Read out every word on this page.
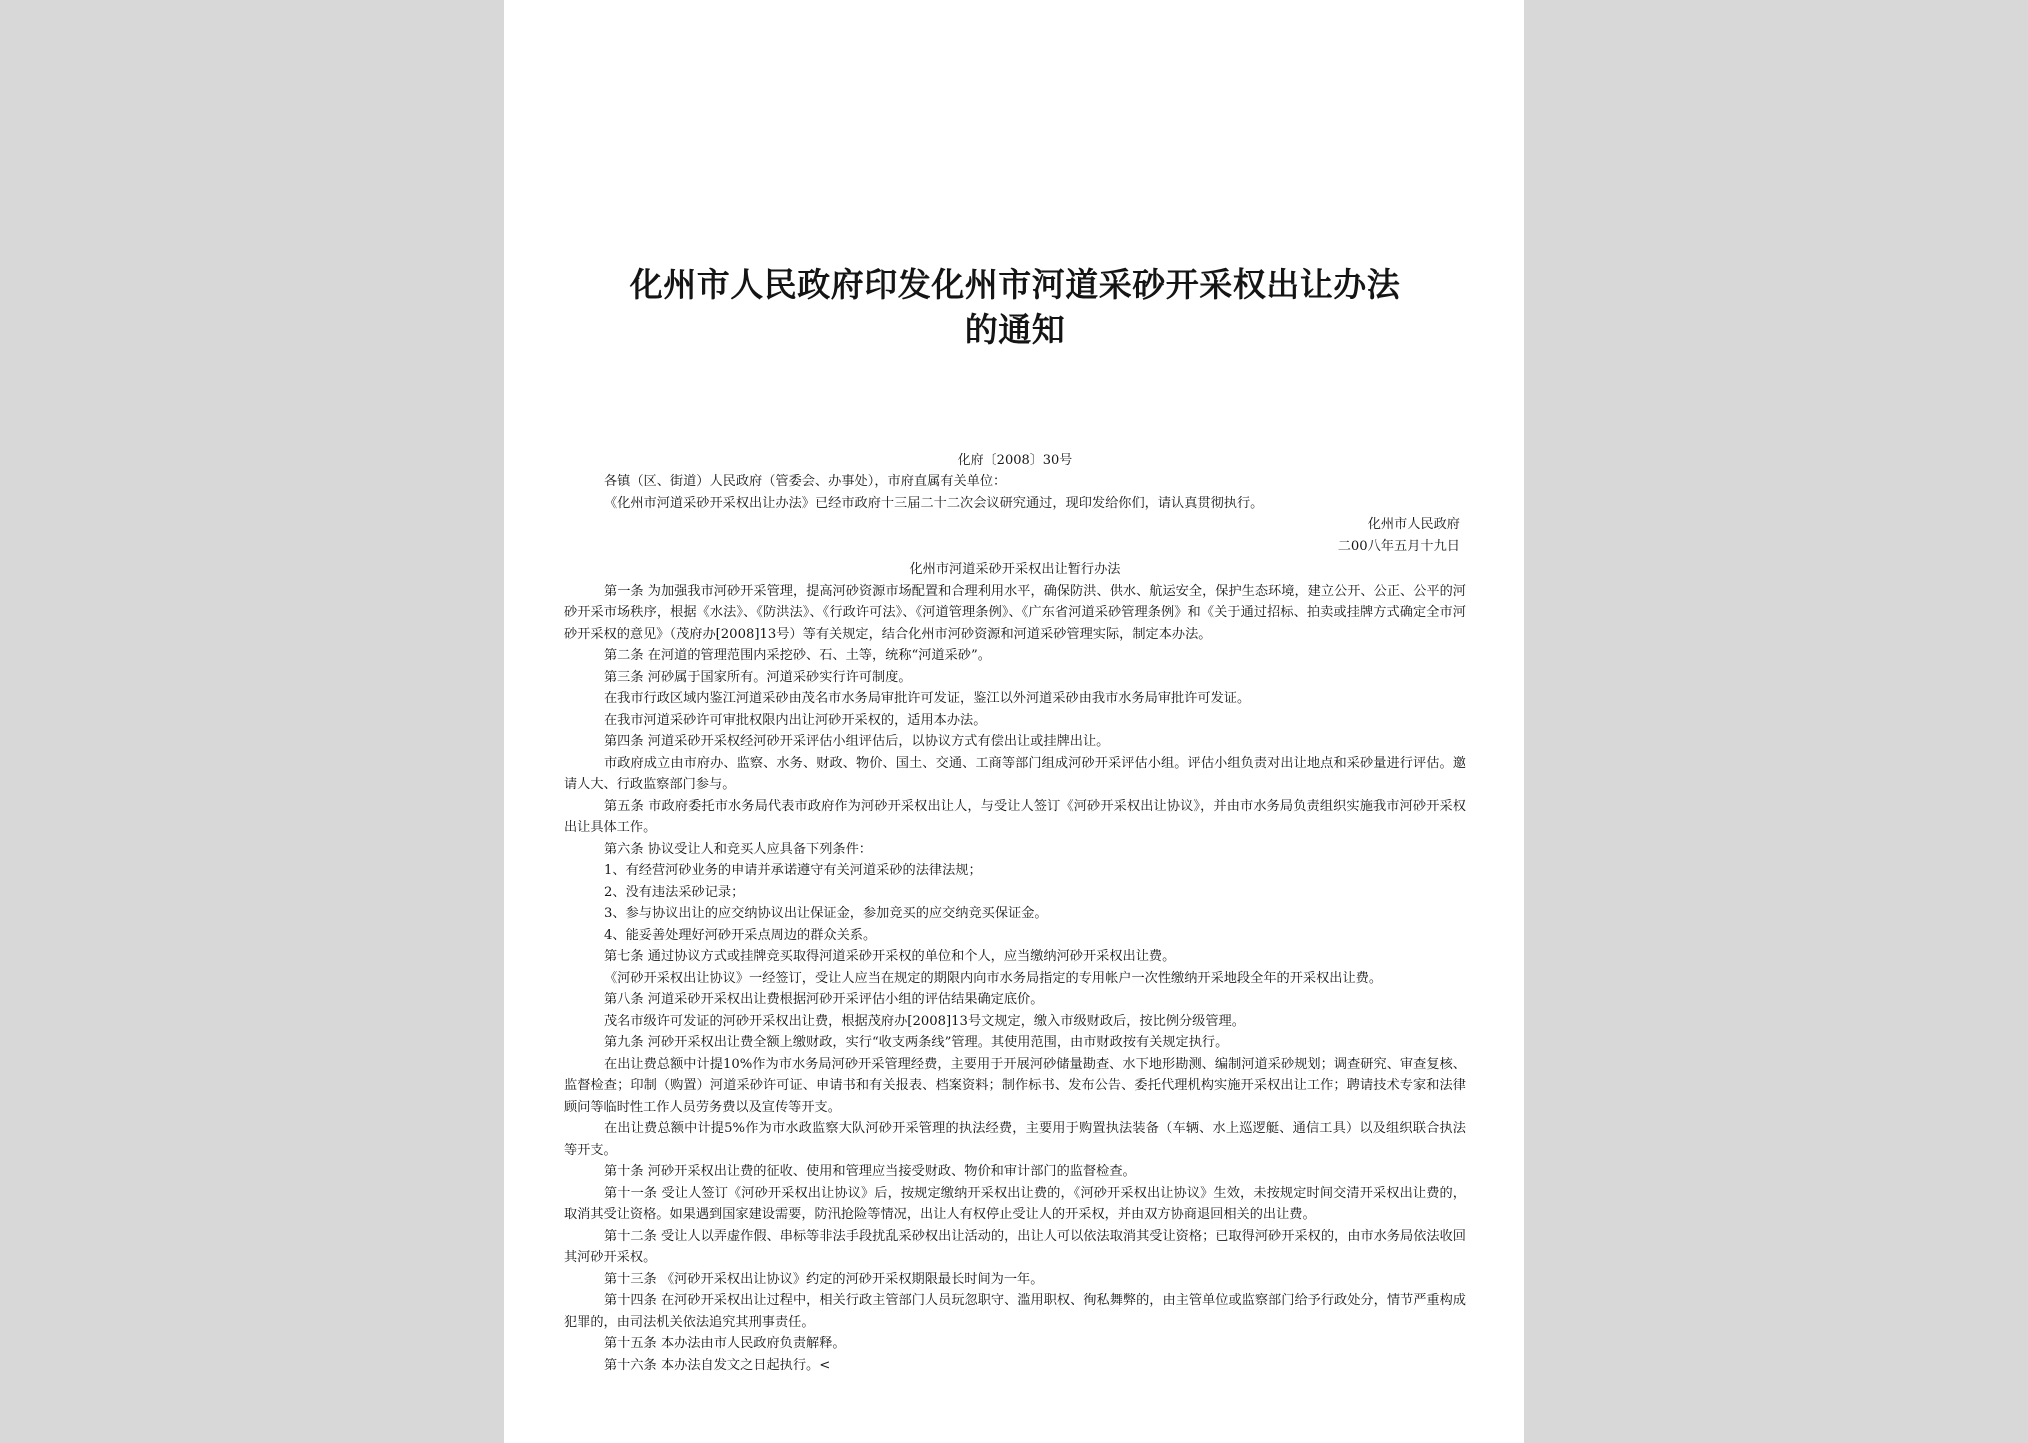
化州市人民政府印发化州市河道采砂开采权出让办法
的通知
化府〔2008〕30号

各镇（区、街道）人民政府（管委会、办事处），市府直属有关单位：

《化州市河道采砂开采权出让办法》已经市政府十三届二十二次会议研究通过，现印发给你们，请认真贯彻执行。

化州市人民政府

二00八年五月十九日

化州市河道采砂开采权出让暂行办法

第一条 为加强我市河砂开采管理，提高河砂资源市场配置和合理利用水平，确保防洪、供水、航运安全，保护生态环境，建立公开、公正、公平的河砂开采市场秩序，根据《水法》、《防洪法》、《行政许可法》、《河道管理条例》、《广东省河道采砂管理条例》和《关于通过招标、拍卖或挂牌方式确定全市河砂开采权的意见》（茂府办[2008]13号）等有关规定，结合化州市河砂资源和河道采砂管理实际，制定本办法。

第二条 在河道的管理范围内采挖砂、石、土等，统称“河道采砂”。

第三条 河砂属于国家所有。河道采砂实行许可制度。

在我市行政区域内鉴江河道采砂由茂名市水务局审批许可发证，鉴江以外河道采砂由我市水务局审批许可发证。

在我市河道采砂许可审批权限内出让河砂开采权的，适用本办法。

第四条 河道采砂开采权经河砂开采评估小组评估后，以协议方式有偿出让或挂牌出让。

市政府成立由市府办、监察、水务、财政、物价、国土、交通、工商等部门组成河砂开采评估小组。评估小组负责对出让地点和采砂量进行评估。邀请人大、行政监察部门参与。

第五条 市政府委托市水务局代表市政府作为河砂开采权出让人，与受让人签订《河砂开采权出让协议》，并由市水务局负责组织实施我市河砂开采权出让具体工作。

第六条 协议受让人和竞买人应具备下列条件：

1、有经营河砂业务的申请并承诺遵守有关河道采砂的法律法规；

2、没有违法采砂记录；

3、参与协议出让的应交纳协议出让保证金，参加竞买的应交纳竞买保证金。

4、能妥善处理好河砂开采点周边的群众关系。

第七条 通过协议方式或挂牌竞买取得河道采砂开采权的单位和个人，应当缴纳河砂开采权出让费。

《河砂开采权出让协议》一经签订，受让人应当在规定的期限内向市水务局指定的专用帐户一次性缴纳开采地段全年的开采权出让费。

第八条 河道采砂开采权出让费根据河砂开采评估小组的评估结果确定底价。

茂名市级许可发证的河砂开采权出让费，根据茂府办[2008]13号文规定，缴入市级财政后，按比例分级管理。

第九条 河砂开采权出让费全额上缴财政，实行“收支两条线”管理。其使用范围，由市财政按有关规定执行。

在出让费总额中计提10%作为市水务局河砂开采管理经费，主要用于开展河砂储量勘查、水下地形勘测、编制河道采砂规划；调查研究、审查复核、监督检查；印制（购置）河道采砂许可证、申请书和有关报表、档案资料；制作标书、发布公告、委托代理机构实施开采权出让工作；聘请技术专家和法律顾问等临时性工作人员劳务费以及宣传等开支。

在出让费总额中计提5%作为市水政监察大队河砂开采管理的执法经费，主要用于购置执法装备（车辆、水上巡逻艇、通信工具）以及组织联合执法等开支。

第十条 河砂开采权出让费的征收、使用和管理应当接受财政、物价和审计部门的监督检查。

第十一条 受让人签订《河砂开采权出让协议》后，按规定缴纳开采权出让费的，《河砂开采权出让协议》生效，未按规定时间交清开采权出让费的，取消其受让资格。如果遇到国家建设需要，防汛抢险等情况，出让人有权停止受让人的开采权，并由双方协商退回相关的出让费。

第十二条 受让人以弄虚作假、串标等非法手段扰乱采砂权出让活动的，出让人可以依法取消其受让资格；已取得河砂开采权的，由市水务局依法收回其河砂开采权。

第十三条 《河砂开采权出让协议》约定的河砂开采权期限最长时间为一年。

第十四条 在河砂开采权出让过程中，相关行政主管部门人员玩忽职守、滥用职权、徇私舞弊的，由主管单位或监察部门给予行政处分，情节严重构成犯罪的，由司法机关依法追究其刑事责任。

第十五条 本办法由市人民政府负责解释。

第十六条 本办法自发文之日起执行。<
